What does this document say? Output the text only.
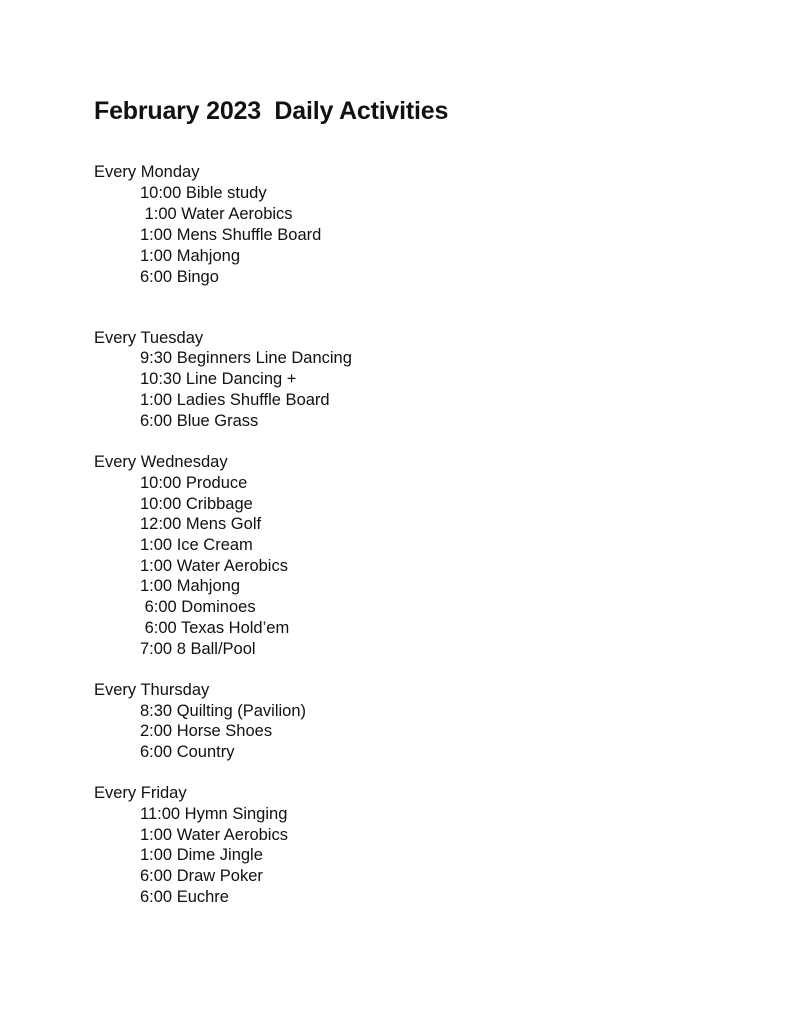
February 2023  Daily Activities
Every Monday
10:00 Bible study
1:00 Water Aerobics
1:00 Mens Shuffle Board
1:00 Mahjong
6:00 Bingo
Every Tuesday
9:30 Beginners Line Dancing
10:30 Line Dancing +
1:00 Ladies Shuffle Board
6:00 Blue Grass
Every Wednesday
10:00 Produce
10:00 Cribbage
12:00 Mens Golf
1:00 Ice Cream
1:00 Water Aerobics
1:00 Mahjong
6:00 Dominoes
6:00 Texas Hold’em
7:00 8 Ball/Pool
Every Thursday
8:30 Quilting (Pavilion)
2:00 Horse Shoes
6:00 Country
Every Friday
11:00 Hymn Singing
1:00 Water Aerobics
1:00 Dime Jingle
6:00 Draw Poker
6:00 Euchre
